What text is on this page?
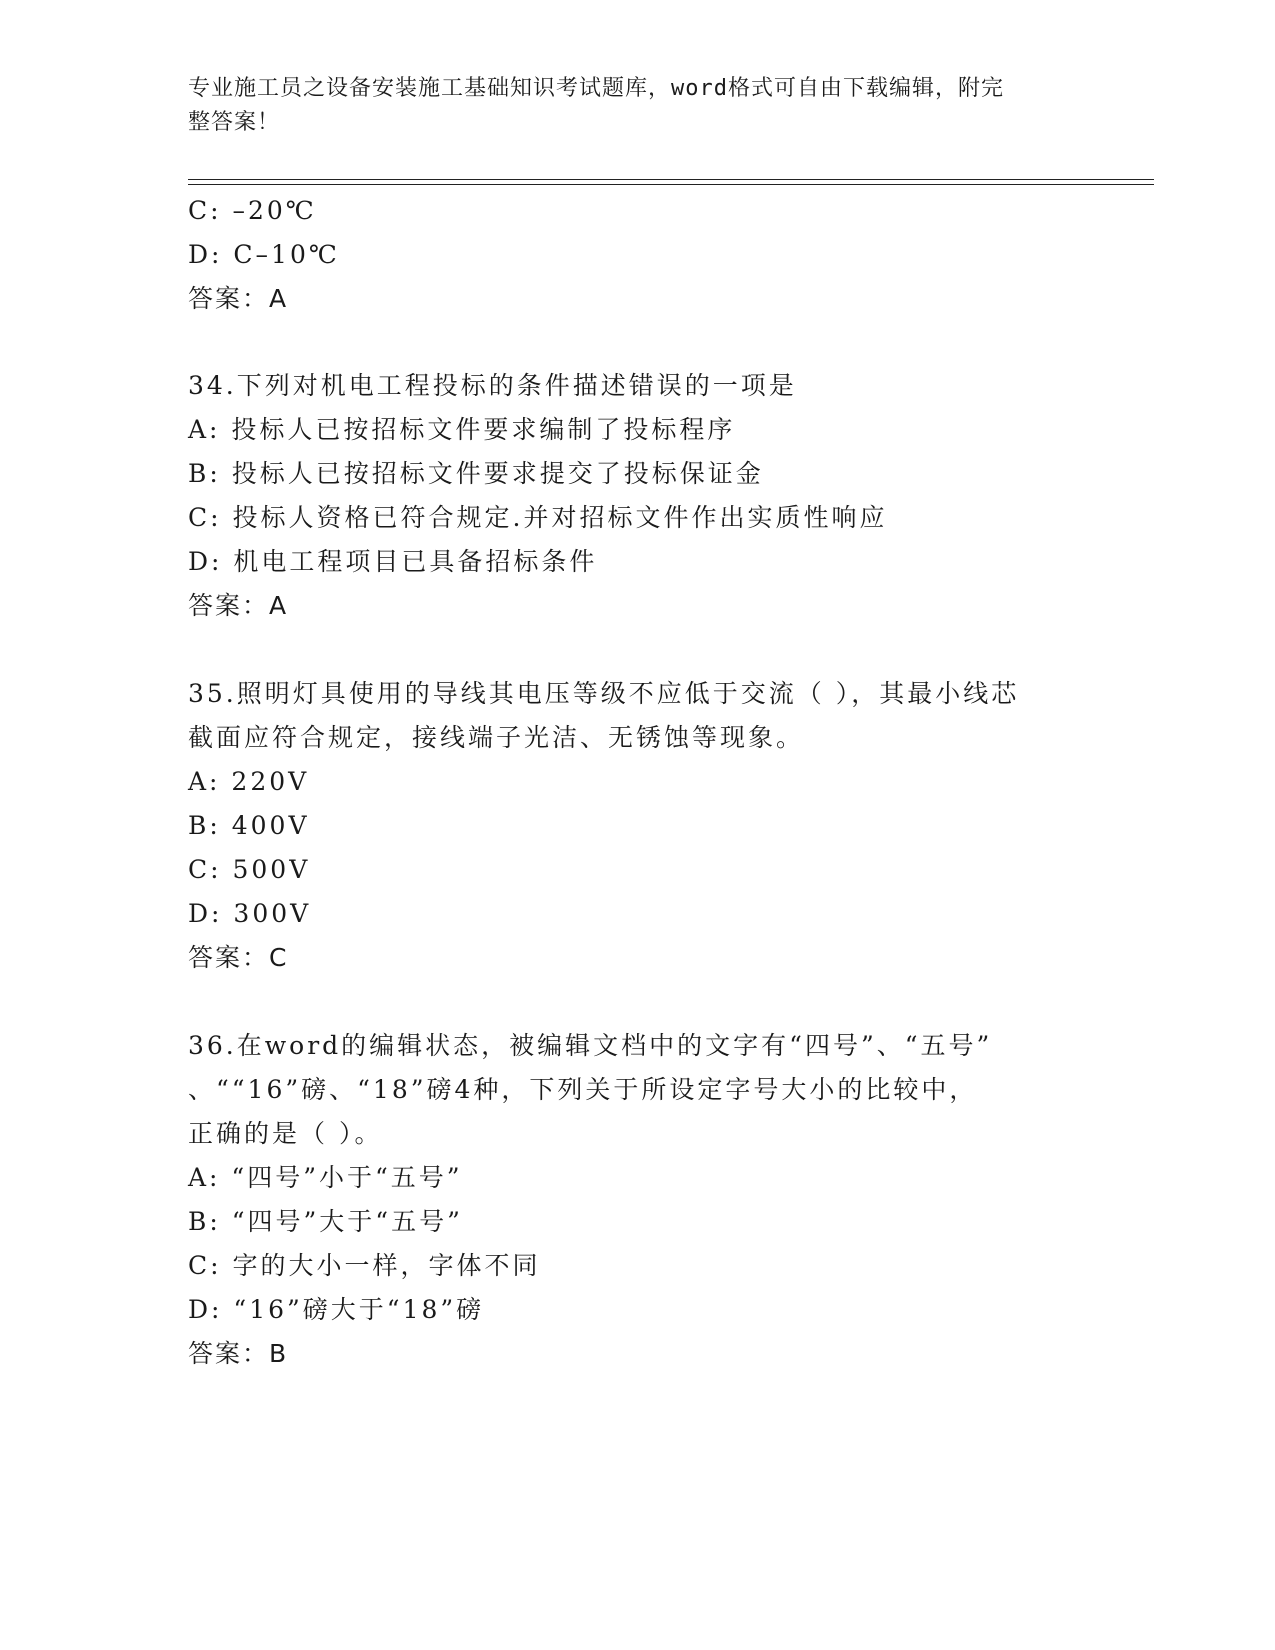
专业施工员之设备安装施工基础知识考试题库，word格式可自由下载编辑，附完
整答案！
C: –20℃
D: C–10℃
答案：A
34.下列对机电工程投标的条件描述错误的一项是
A: 投标人已按招标文件要求编制了投标程序
B: 投标人已按招标文件要求提交了投标保证金
C: 投标人资格已符合规定.并对招标文件作出实质性响应
D: 机电工程项目已具备招标条件
答案：A
35.照明灯具使用的导线其电压等级不应低于交流（ ），其最小线芯
截面应符合规定，接线端子光洁、无锈蚀等现象。
A: 220V
B: 400V
C: 500V
D: 300V
答案：C
36.在word的编辑状态，被编辑文档中的文字有“四号”、“五号”
、““16”磅、“18”磅4种，下列关于所设定字号大小的比较中，
正确的是（ ）。
A: “四号”小于“五号”
B: “四号”大于“五号”
C: 字的大小一样，字体不同
D: “16”磅大于“18”磅
答案：B
